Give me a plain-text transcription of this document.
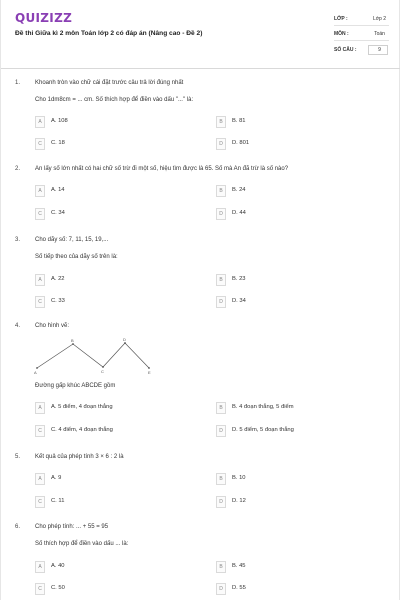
QUIZIZZ
Đề thi Giữa kì 2 môn Toán lớp 2 có đáp án (Nâng cao - Đề 2)
LỚP :	Lớp 2
MÔN :	Toán
SỐ CÂU :	9
1. Khoanh tròn vào chữ cái đặt trước câu trả lời đúng nhất
Cho 1dm8cm = ... cm. Số thích hợp để điền vào dấu "..." là:
A	A. 108	B	B. 81
C	C. 18	D	D. 801
2. An lấy số lớn nhất có hai chữ số trừ đi một số, hiệu tìm được là 65. Số mà An đã trừ là số nào?
A	A. 14	B	B. 24
C	C. 34	D	D. 44
3. Cho dãy số: 7, 11, 15, 19,...
Số tiếp theo của dãy số trên là:
A	A. 22	B	B. 23
C	C. 33	D	D. 34
4. Cho hình vẽ:
A
B
C
D
E
Đường gấp khúc ABCDE gồm
A	A. 5 điểm, 4 đoạn thẳng	B	B. 4 đoạn thẳng, 5 điểm
C	C. 4 điểm, 4 đoạn thẳng	D	D. 5 điểm, 5 đoạn thẳng
5. Kết quả của phép tính 3 × 6 : 2 là
A	A. 9	B	B. 10
C	C. 11	D	D. 12
6. Cho phép tính: ... + 55 = 95
Số thích hợp để điền vào dấu ... là:
A	A. 40	B	B. 45
C	C. 50	D	D. 55
